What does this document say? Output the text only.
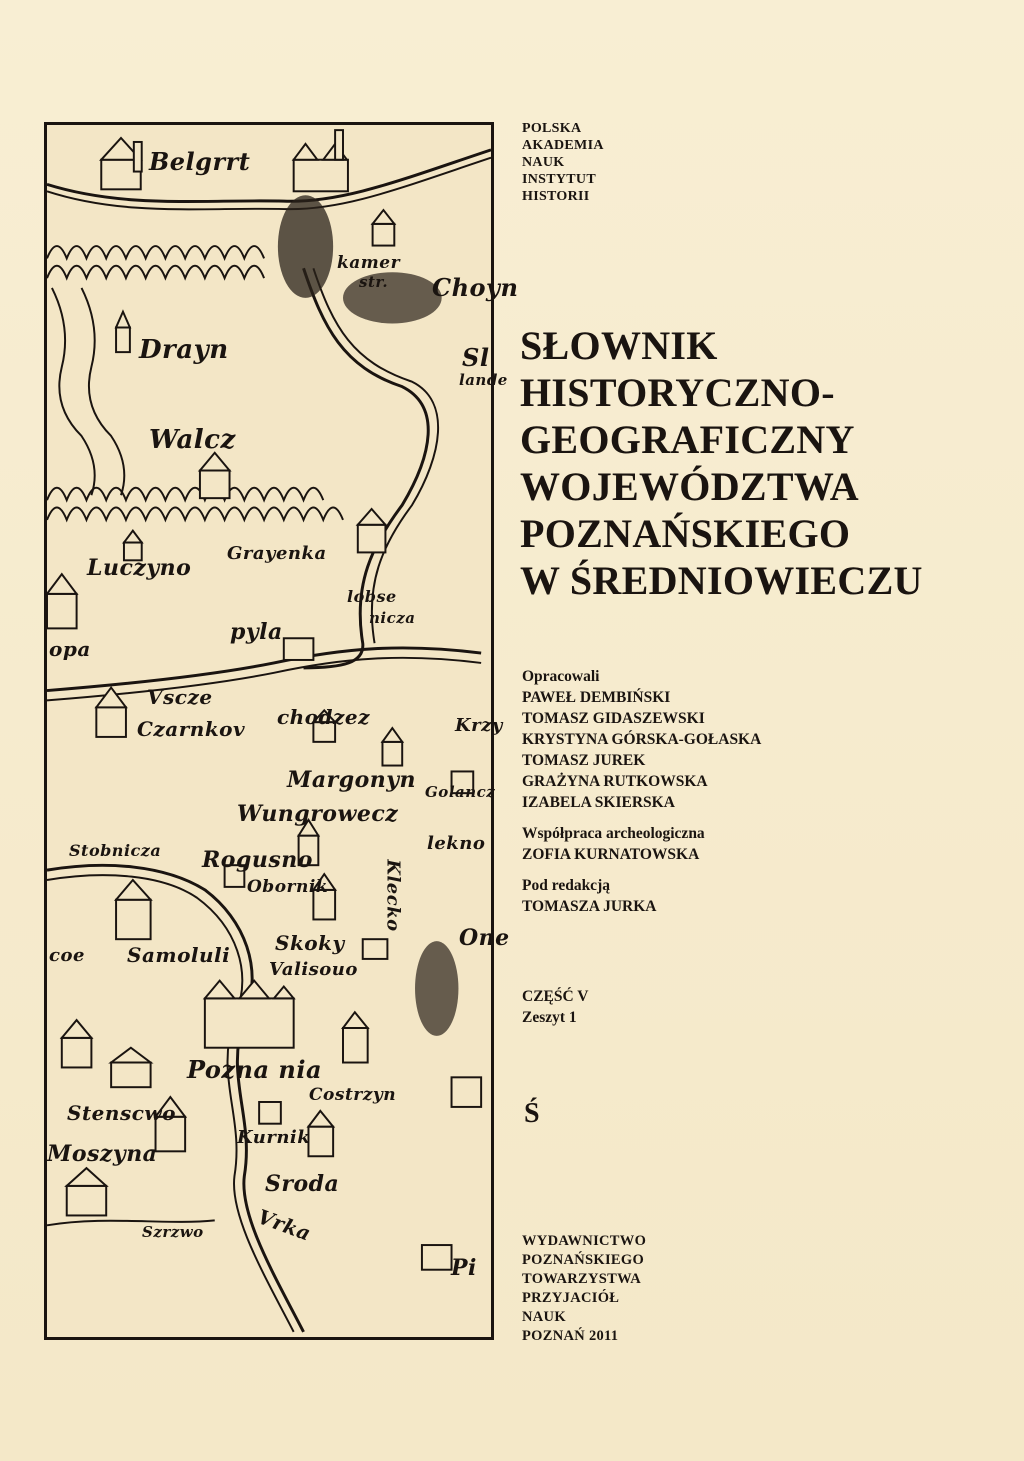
Belgrrt
kamer
str. Choyn
Drayn	Sl
lande
Walcz
Luczyno
Grayenka
lobse
nicza
pyla
opa
Vscze
Czarnkov chodzez	Krzy
Margonyn Golancz
Wungrowecz
lekno
Stobnicza Rogusno
Obornik	Klecko
One
Skoky
Valisouo
coe Samoluli
Pozna nia
Costrzyn
Stenscwo
Kurnik
Moszyna
Sroda
Vrka
Szrzwo
Pi
POLSKA
AKADEMIA
NAUK
INSTYTUT
HISTORII
SŁOWNIK
HISTORYCZNO-
GEOGRAFICZNY
WOJEWÓDZTWA
POZNAŃSKIEGO
W ŚREDNIOWIECZU
Opracowali
PAWEŁ DEMBIŃSKI
TOMASZ GIDASZEWSKI
KRYSTYNA GÓRSKA-GOŁASKA
TOMASZ JUREK
GRAŻYNA RUTKOWSKA
IZABELA SKIERSKA
Współpraca archeologiczna
ZOFIA KURNATOWSKA
Pod redakcją
TOMASZA JURKA
CZĘŚĆ V
Zeszyt 1
Ś
WYDAWNICTWO
POZNAŃSKIEGO
TOWARZYSTWA
PRZYJACIÓŁ
NAUK
POZNAŃ 2011
